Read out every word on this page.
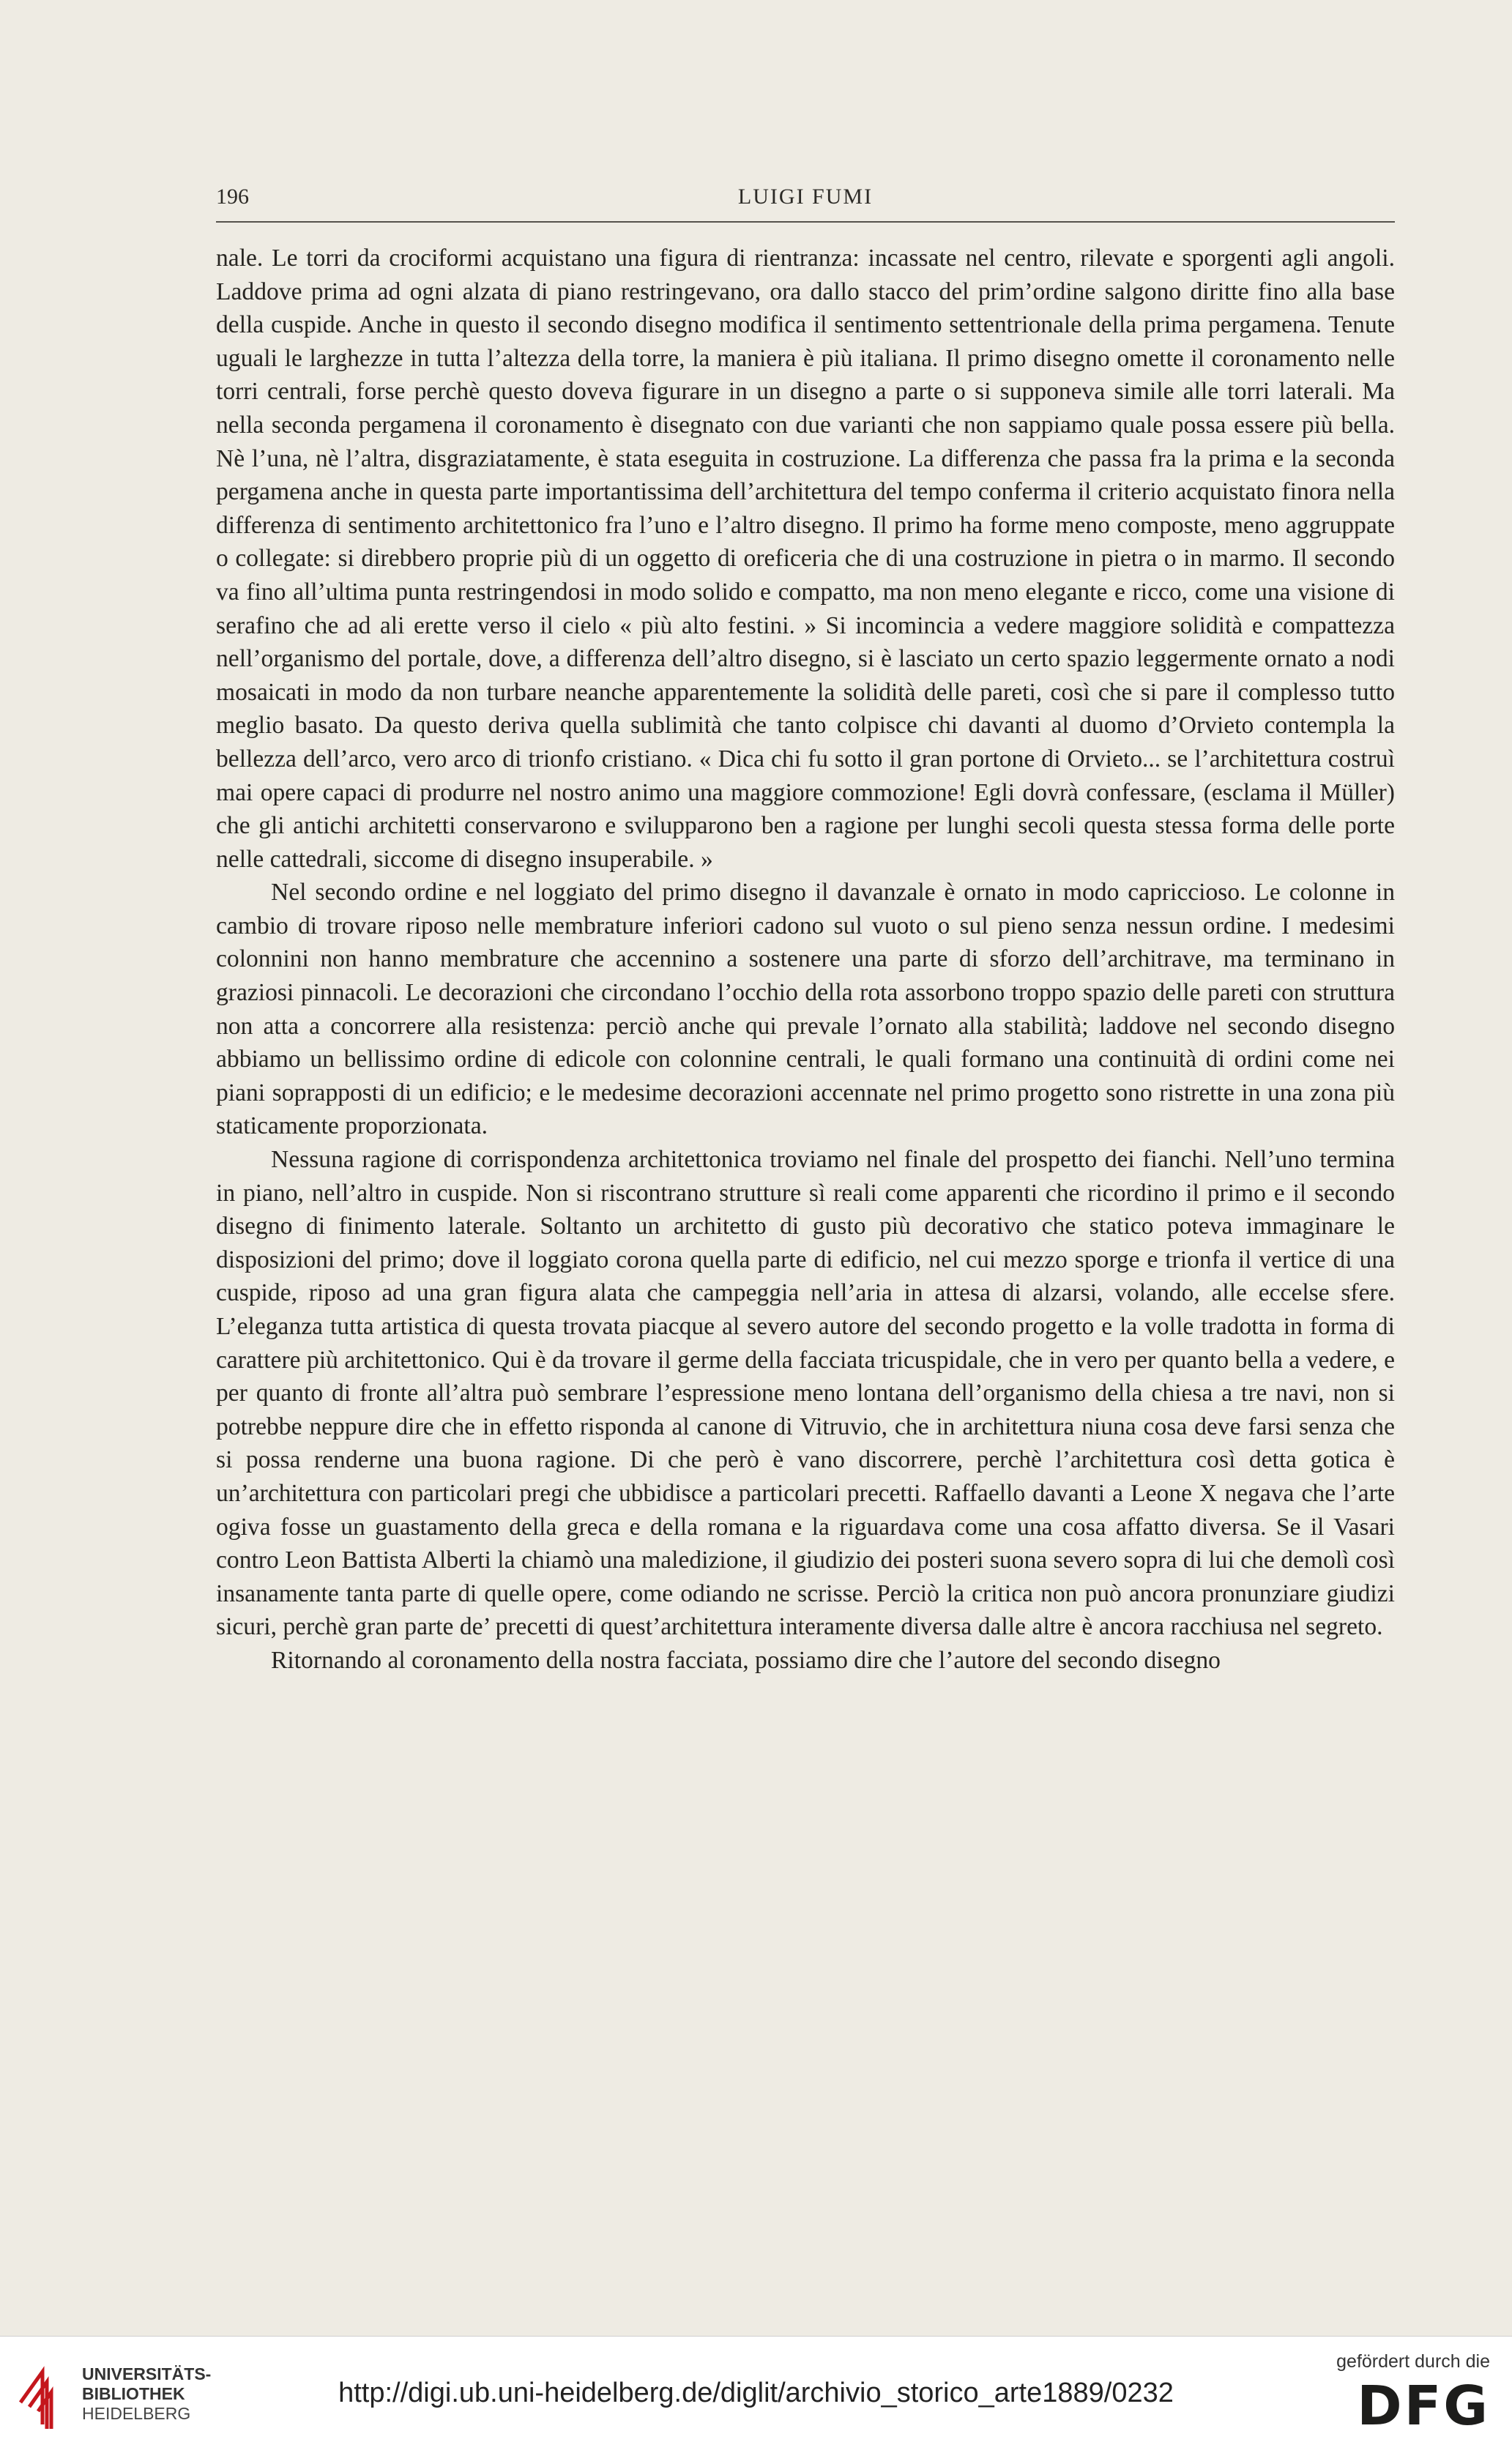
196	LUIGI FUMI

nale. Le torri da crociformi acquistano una figura di rientranza: incassate nel centro, rilevate e sporgenti agli angoli. Laddove prima ad ogni alzata di piano restringevano, ora dallo stacco del prim’ordine salgono diritte fino alla base della cuspide. Anche in questo il secondo disegno modifica il sentimento settentrionale della prima pergamena. Tenute uguali le larghezze in tutta l’altezza della torre, la maniera è più italiana. Il primo disegno omette il coronamento nelle torri centrali, forse perchè questo doveva figurare in un disegno a parte o si supponeva simile alle torri laterali. Ma nella seconda pergamena il coronamento è disegnato con due varianti che non sappiamo quale possa essere più bella. Nè l’una, nè l’altra, disgraziatamente, è stata eseguita in costruzione. La differenza che passa fra la prima e la seconda pergamena anche in questa parte importantissima dell’architettura del tempo conferma il criterio acquistato finora nella differenza di sentimento architettonico fra l’uno e l’altro disegno. Il primo ha forme meno composte, meno aggruppate o collegate: si direbbero proprie più di un oggetto di oreficeria che di una costruzione in pietra o in marmo. Il secondo va fino all’ultima punta restringendosi in modo solido e compatto, ma non meno elegante e ricco, come una visione di serafino che ad ali erette verso il cielo « più alto festini. » Si incomincia a vedere maggiore solidità e compattezza nell’organismo del portale, dove, a differenza dell’altro disegno, si è lasciato un certo spazio leggermente ornato a nodi mosaicati in modo da non turbare neanche apparentemente la solidità delle pareti, così che si pare il complesso tutto meglio basato. Da questo deriva quella sublimità che tanto colpisce chi davanti al duomo d’Orvieto contempla la bellezza dell’arco, vero arco di trionfo cristiano. « Dica chi fu sotto il gran portone di Orvieto... se l’architettura costruì mai opere capaci di produrre nel nostro animo una maggiore commozione! Egli dovrà confessare, (esclama il Müller) che gli antichi architetti conservarono e svilupparono ben a ragione per lunghi secoli questa stessa forma delle porte nelle cattedrali, siccome di disegno insuperabile. »

Nel secondo ordine e nel loggiato del primo disegno il davanzale è ornato in modo capriccioso. Le colonne in cambio di trovare riposo nelle membrature inferiori cadono sul vuoto o sul pieno senza nessun ordine. I medesimi colonnini non hanno membrature che accennino a sostenere una parte di sforzo dell’architrave, ma terminano in graziosi pinnacoli. Le decorazioni che circondano l’occhio della rota assorbono troppo spazio delle pareti con struttura non atta a concorrere alla resistenza: perciò anche qui prevale l’ornato alla stabilità; laddove nel secondo disegno abbiamo un bellissimo ordine di edicole con colonnine centrali, le quali formano una continuità di ordini come nei piani soprapposti di un edificio; e le medesime decorazioni accennate nel primo progetto sono ristrette in una zona più staticamente proporzionata.

Nessuna ragione di corrispondenza architettonica troviamo nel finale del prospetto dei fianchi. Nell’uno termina in piano, nell’altro in cuspide. Non si riscontrano strutture sì reali come apparenti che ricordino il primo e il secondo disegno di finimento laterale. Soltanto un architetto di gusto più decorativo che statico poteva immaginare le disposizioni del primo; dove il loggiato corona quella parte di edificio, nel cui mezzo sporge e trionfa il vertice di una cuspide, riposo ad una gran figura alata che campeggia nell’aria in attesa di alzarsi, volando, alle eccelse sfere. L’eleganza tutta artistica di questa trovata piacque al severo autore del secondo progetto e la volle tradotta in forma di carattere più architettonico. Qui è da trovare il germe della facciata tricuspidale, che in vero per quanto bella a vedere, e per quanto di fronte all’altra può sembrare l’espressione meno lontana dell’organismo della chiesa a tre navi, non si potrebbe neppure dire che in effetto risponda al canone di Vitruvio, che in architettura niuna cosa deve farsi senza che si possa renderne una buona ragione. Di che però è vano discorrere, perchè l’architettura così detta gotica è un’architettura con particolari pregi che ubbidisce a particolari precetti. Raffaello davanti a Leone X negava che l’arte ogiva fosse un guastamento della greca e della romana e la riguardava come una cosa affatto diversa. Se il Vasari contro Leon Battista Alberti la chiamò una maledizione, il giudizio dei posteri suona severo sopra di lui che demolì così insanamente tanta parte di quelle opere, come odiando ne scrisse. Perciò la critica non può ancora pronunziare giudizi sicuri, perchè gran parte de’ precetti di quest’architettura interamente diversa dalle altre è ancora racchiusa nel segreto.

Ritornando al coronamento della nostra facciata, possiamo dire che l’autore del secondo disegno

UNIVERSITÄTS-
BIBLIOTHEK
HEIDELBERG
http://digi.ub.uni-heidelberg.de/diglit/archivio_storico_arte1889/0232
gefördert durch die
DFG
